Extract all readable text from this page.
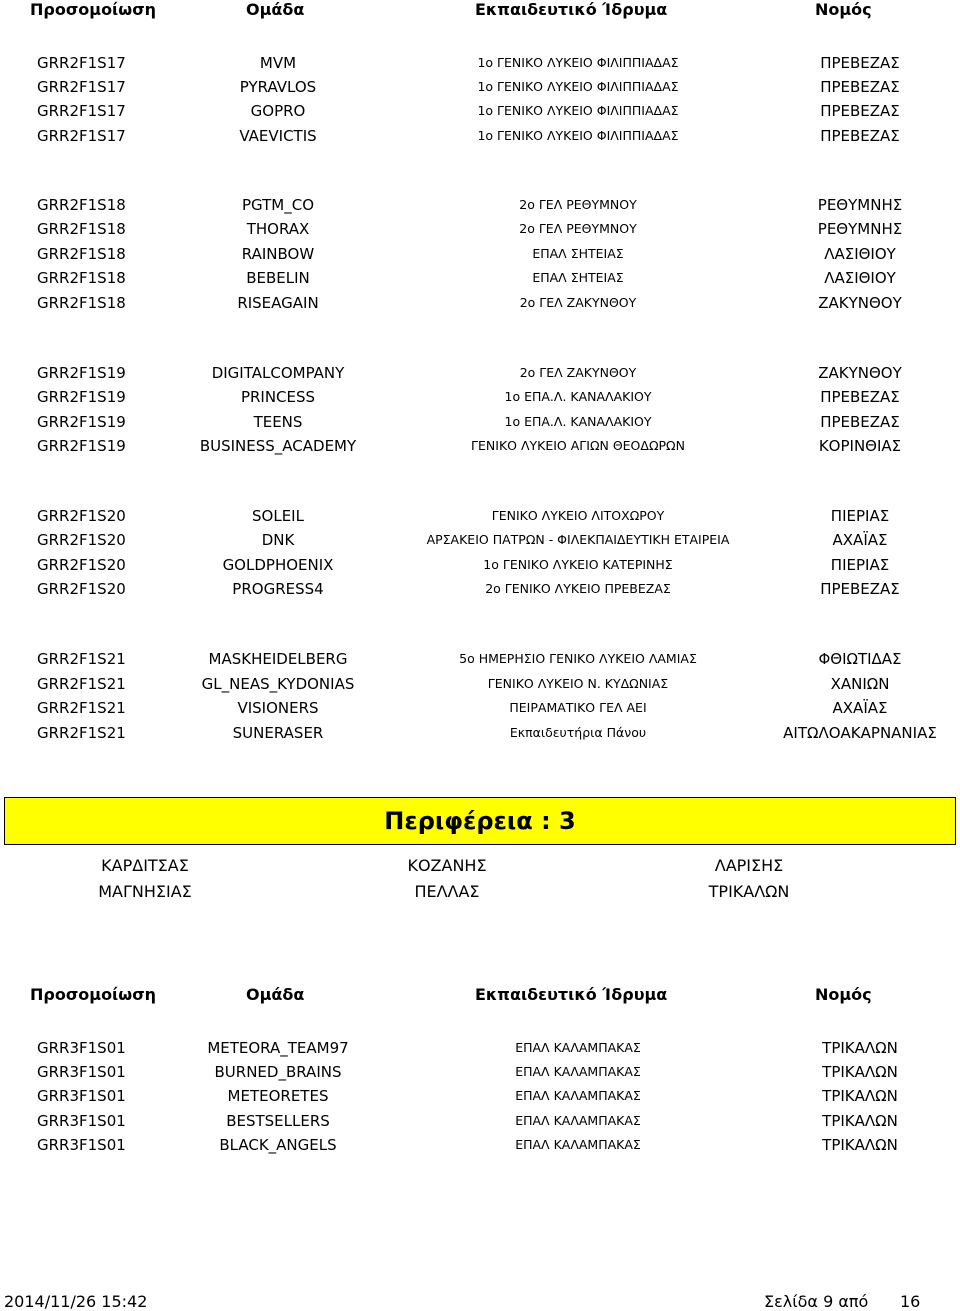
Προσομοίωση	Ομάδα	Εκπαιδευτικό Ίδρυμα	Νομός
GRR2F1S17	MVM	1ο ΓΕΝΙΚΟ ΛΥΚΕΙΟ ΦΙΛΙΠΠΙΑΔΑΣ	ΠΡΕΒΕΖΑΣ
GRR2F1S17	PYRAVLOS	1ο ΓΕΝΙΚΟ ΛΥΚΕΙΟ ΦΙΛΙΠΠΙΑΔΑΣ	ΠΡΕΒΕΖΑΣ
GRR2F1S17	GOPRO	1ο ΓΕΝΙΚΟ ΛΥΚΕΙΟ ΦΙΛΙΠΠΙΑΔΑΣ	ΠΡΕΒΕΖΑΣ
GRR2F1S17	VAEVICTIS	1ο ΓΕΝΙΚΟ ΛΥΚΕΙΟ ΦΙΛΙΠΠΙΑΔΑΣ	ΠΡΕΒΕΖΑΣ
GRR2F1S18	PGTM_CO	2ο ΓΕΛ ΡΕΘΥΜΝΟΥ	ΡΕΘΥΜΝΗΣ
GRR2F1S18	THORAX	2ο ΓΕΛ ΡΕΘΥΜΝΟΥ	ΡΕΘΥΜΝΗΣ
GRR2F1S18	RAINBOW	ΕΠΑΛ ΣΗΤΕΙΑΣ	ΛΑΣΙΘΙΟΥ
GRR2F1S18	BEBELIN	ΕΠΑΛ ΣΗΤΕΙΑΣ	ΛΑΣΙΘΙΟΥ
GRR2F1S18	RISEAGAIN	2ο ΓΕΛ ΖΑΚΥΝΘΟΥ	ΖΑΚΥΝΘΟΥ
GRR2F1S19	DIGITALCOMPANY	2ο ΓΕΛ ΖΑΚΥΝΘΟΥ	ΖΑΚΥΝΘΟΥ
GRR2F1S19	PRINCESS	1ο ΕΠΑ.Λ. ΚΑΝΑΛΑΚΙΟΥ	ΠΡΕΒΕΖΑΣ
GRR2F1S19	TEENS	1ο ΕΠΑ.Λ. ΚΑΝΑΛΑΚΙΟΥ	ΠΡΕΒΕΖΑΣ
GRR2F1S19	BUSINESS_ACADEMY	ΓΕΝΙΚΟ ΛΥΚΕΙΟ ΑΓΙΩΝ ΘΕΟΔΩΡΩΝ	ΚΟΡΙΝΘΙΑΣ
GRR2F1S20	SOLEIL	ΓΕΝΙΚΟ ΛΥΚΕΙΟ ΛΙΤΟΧΩΡΟΥ	ΠΙΕΡΙΑΣ
GRR2F1S20	DNK	ΑΡΣΑΚΕΙΟ ΠΑΤΡΩΝ - ΦΙΛΕΚΠΑΙΔΕΥΤΙΚΗ ΕΤΑΙΡΕΙΑ	ΑΧΑΪΑΣ
GRR2F1S20	GOLDPHOENIX	1ο ΓΕΝΙΚΟ ΛΥΚΕΙΟ ΚΑΤΕΡΙΝΗΣ	ΠΙΕΡΙΑΣ
GRR2F1S20	PROGRESS4	2ο ΓΕΝΙΚΟ ΛΥΚΕΙΟ ΠΡΕΒΕΖΑΣ	ΠΡΕΒΕΖΑΣ
GRR2F1S21	MASKHEIDELBERG	5ο ΗΜΕΡΗΣΙΟ ΓΕΝΙΚΟ ΛΥΚΕΙΟ ΛΑΜΙΑΣ	ΦΘΙΩΤΙΔΑΣ
GRR2F1S21	GL_NEAS_KYDONIAS	ΓΕΝΙΚΟ ΛΥΚΕΙΟ Ν. ΚΥΔΩΝΙΑΣ	ΧΑΝΙΩΝ
GRR2F1S21	VISIONERS	ΠΕΙΡΑΜΑΤΙΚΟ ΓΕΛ ΑΕΙ	ΑΧΑΪΑΣ
GRR2F1S21	SUNERASER	Εκπαιδευτήρια Πάνου	ΑΙΤΩΛΟΑΚΑΡΝΑΝΙΑΣ
Περιφέρεια : 3
ΚΑΡΔΙΤΣΑΣ	ΚΟΖΑΝΗΣ	ΛΑΡΙΣΗΣ
ΜΑΓΝΗΣΙΑΣ	ΠΕΛΛΑΣ	ΤΡΙΚΑΛΩΝ
Προσομοίωση	Ομάδα	Εκπαιδευτικό Ίδρυμα	Νομός
GRR3F1S01	METEORA_TEAM97	ΕΠΑΛ ΚΑΛΑΜΠΑΚΑΣ	ΤΡΙΚΑΛΩΝ
GRR3F1S01	BURNED_BRAINS	ΕΠΑΛ ΚΑΛΑΜΠΑΚΑΣ	ΤΡΙΚΑΛΩΝ
GRR3F1S01	METEORETES	ΕΠΑΛ ΚΑΛΑΜΠΑΚΑΣ	ΤΡΙΚΑΛΩΝ
GRR3F1S01	BESTSELLERS	ΕΠΑΛ ΚΑΛΑΜΠΑΚΑΣ	ΤΡΙΚΑΛΩΝ
GRR3F1S01	BLACK_ANGELS	ΕΠΑΛ ΚΑΛΑΜΠΑΚΑΣ	ΤΡΙΚΑΛΩΝ
2014/11/26 15:42	Σελίδα 9 από 16
